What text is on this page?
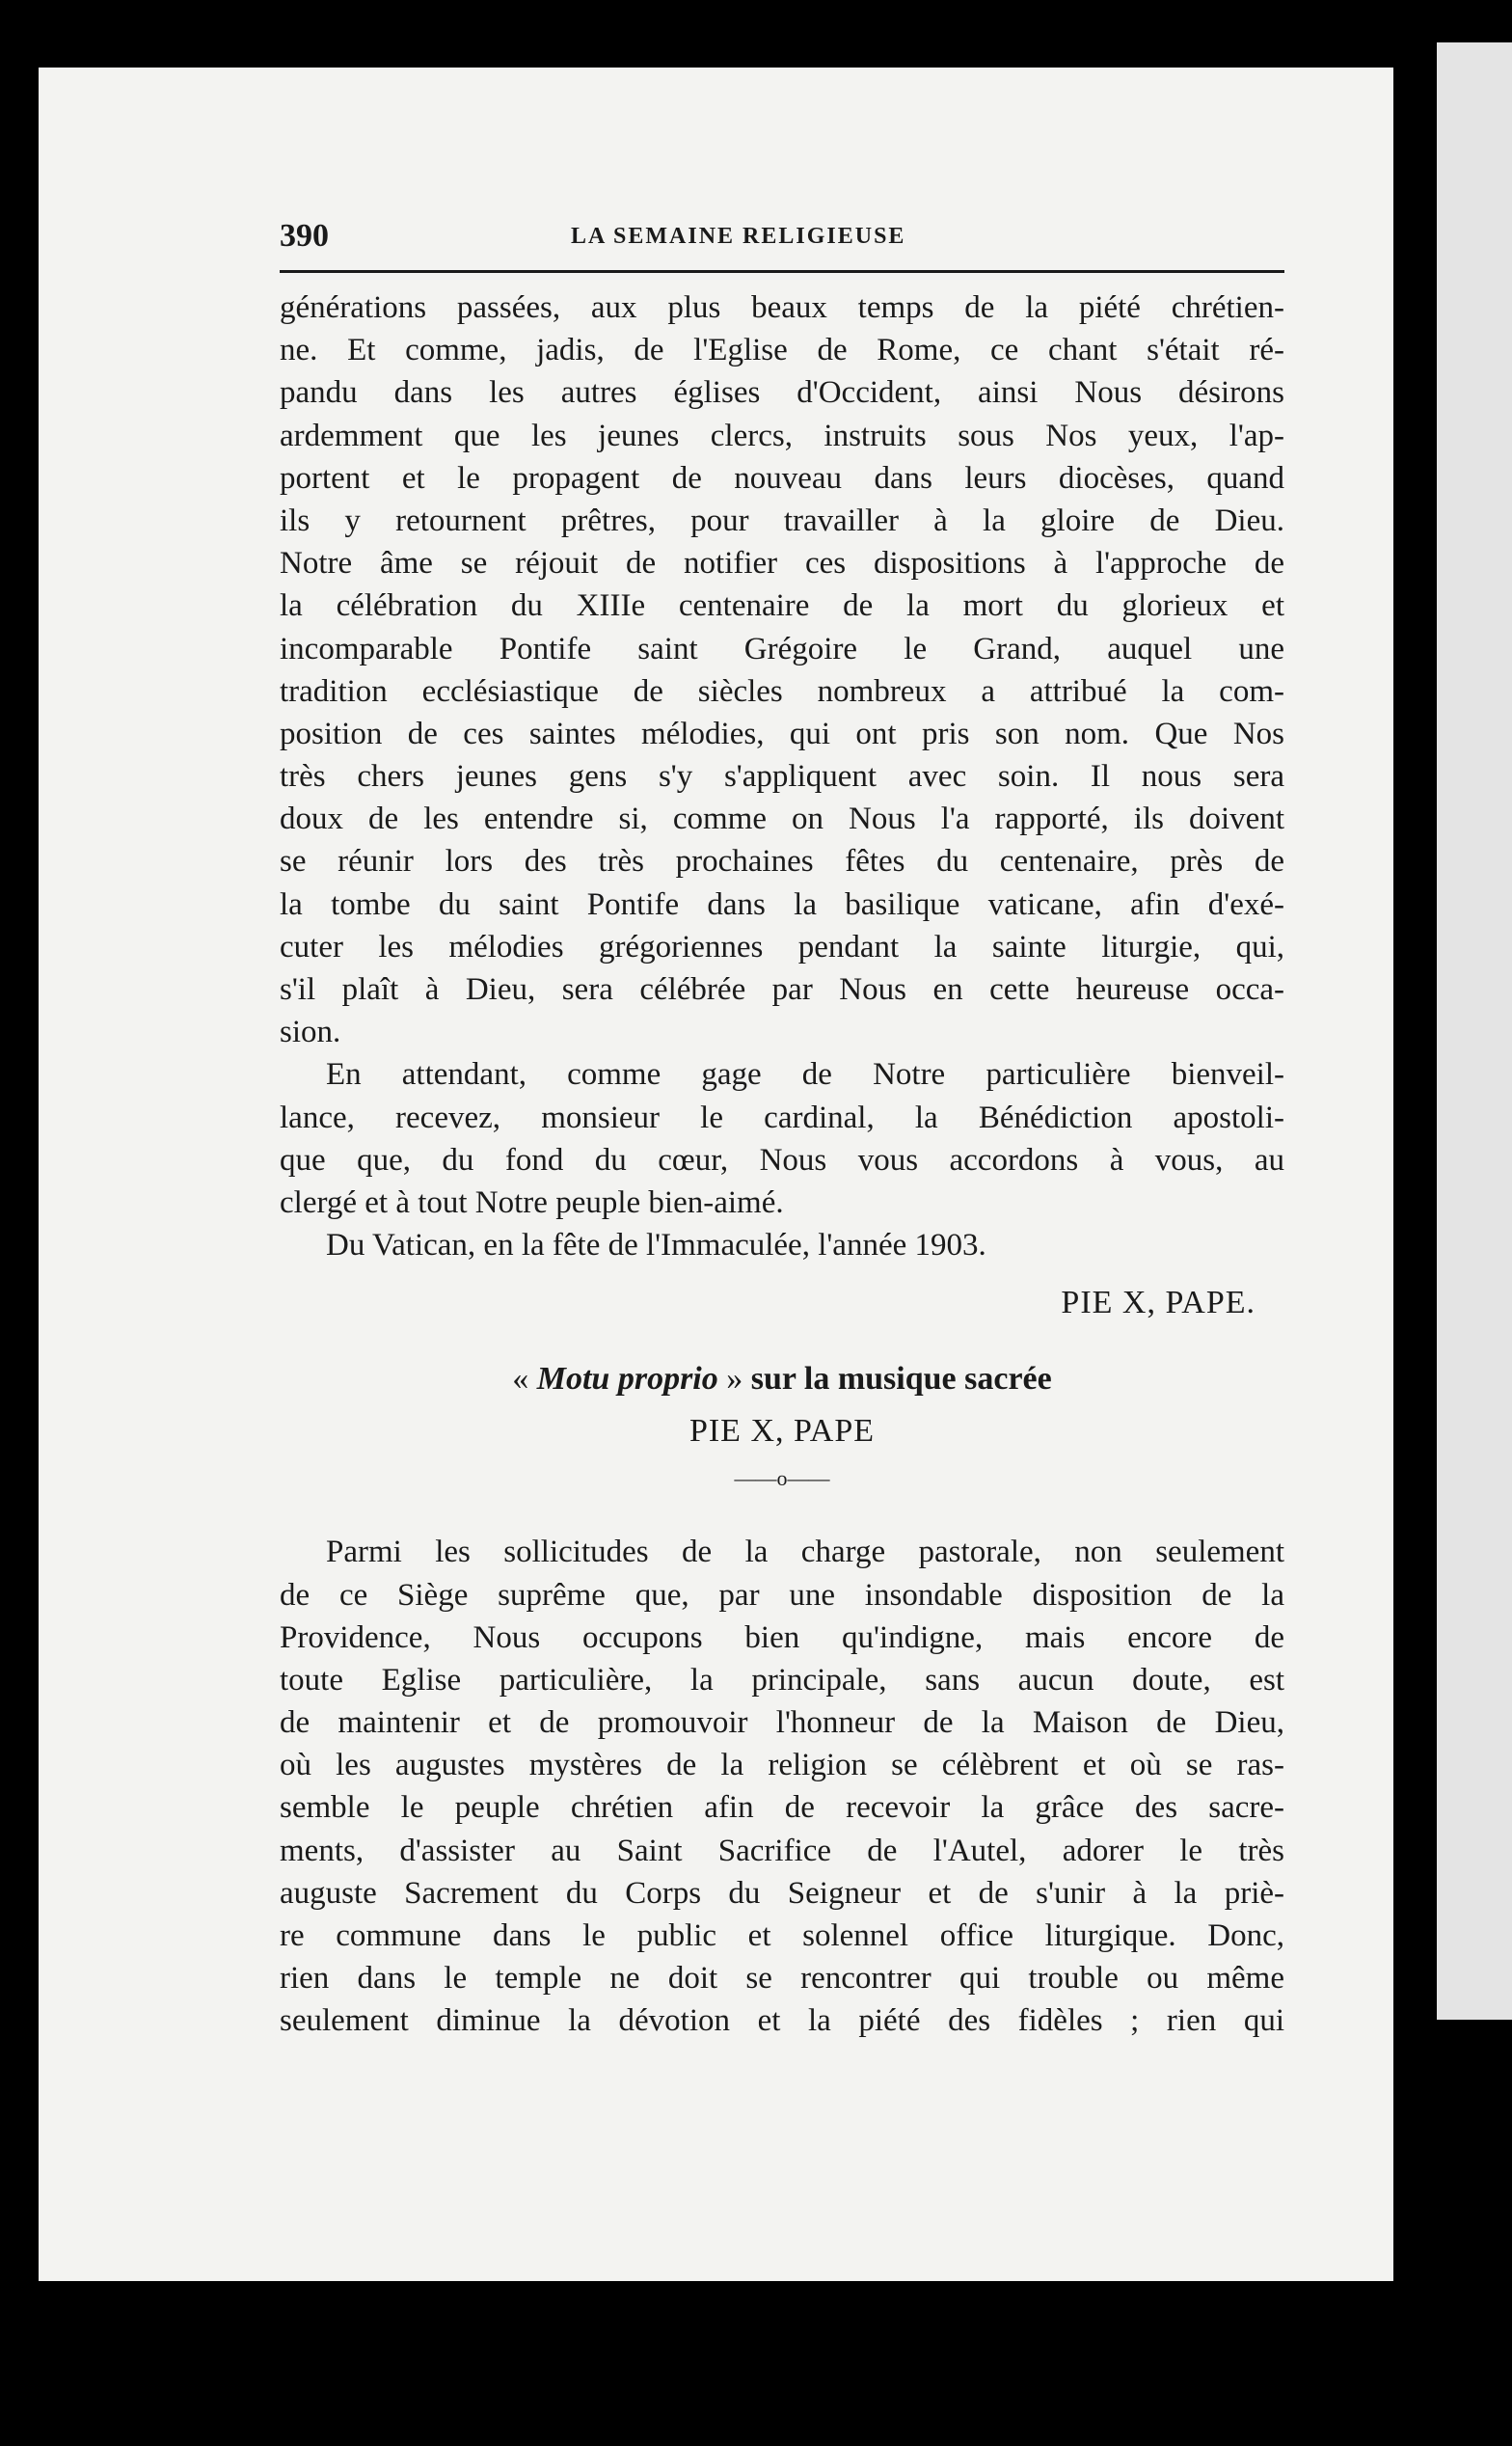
390	LA SEMAINE RELIGIEUSE
générations passées, aux plus beaux temps de la piété chrétien-
ne. Et comme, jadis, de l'Eglise de Rome, ce chant s'était ré-
pandu dans les autres églises d'Occident, ainsi Nous désirons
ardemment que les jeunes clercs, instruits sous Nos yeux, l'ap-
portent et le propagent de nouveau dans leurs diocèses, quand
ils y retournent prêtres, pour travailler à la gloire de Dieu.
Notre âme se réjouit de notifier ces dispositions à l'approche de
la célébration du XIIIe centenaire de la mort du glorieux et
incomparable Pontife saint Grégoire le Grand, auquel une
tradition ecclésiastique de siècles nombreux a attribué la com-
position de ces saintes mélodies, qui ont pris son nom. Que Nos
très chers jeunes gens s'y s'appliquent avec soin. Il nous sera
doux de les entendre si, comme on Nous l'a rapporté, ils doivent
se réunir lors des très prochaines fêtes du centenaire, près de
la tombe du saint Pontife dans la basilique vaticane, afin d'exé-
cuter les mélodies grégoriennes pendant la sainte liturgie, qui,
s'il plaît à Dieu, sera célébrée par Nous en cette heureuse occa-
sion.
En attendant, comme gage de Notre particulière bienveil-
lance, recevez, monsieur le cardinal, la Bénédiction apostoli-
que que, du fond du cœur, Nous vous accordons à vous, au
clergé et à tout Notre peuple bien-aimé.
Du Vatican, en la fête de l'Immaculée, l'année 1903.
PIE X, PAPE.
« Motu proprio » sur la musique sacrée
PIE X, PAPE
——o——
Parmi les sollicitudes de la charge pastorale, non seulement
de ce Siège suprême que, par une insondable disposition de la
Providence, Nous occupons bien qu'indigne, mais encore de
toute Eglise particulière, la principale, sans aucun doute, est
de maintenir et de promouvoir l'honneur de la Maison de Dieu,
où les augustes mystères de la religion se célèbrent et où se ras-
semble le peuple chrétien afin de recevoir la grâce des sacre-
ments, d'assister au Saint Sacrifice de l'Autel, adorer le très
auguste Sacrement du Corps du Seigneur et de s'unir à la priè-
re commune dans le public et solennel office liturgique. Donc,
rien dans le temple ne doit se rencontrer qui trouble ou même
seulement diminue la dévotion et la piété des fidèles ; rien qui
